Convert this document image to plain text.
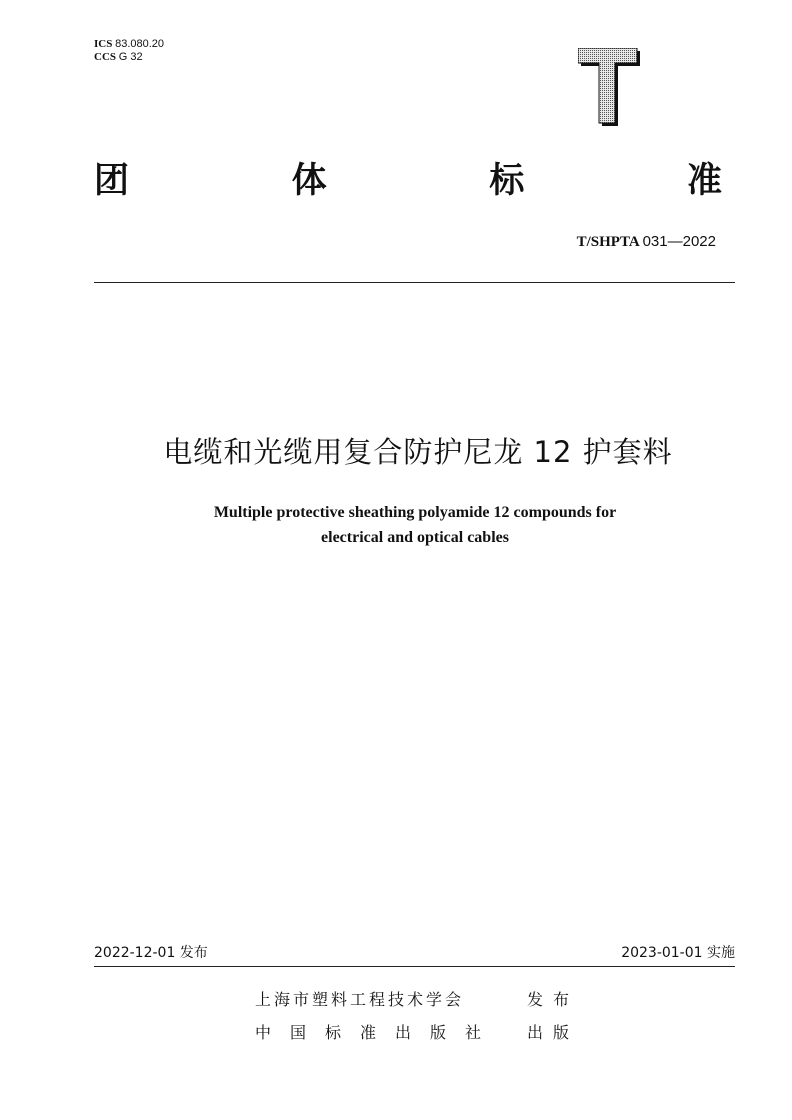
ICS 83.080.20
CCS G 32
团	体	标	准
T/SHPTA 031—2022
电缆和光缆用复合防护尼龙 12 护套料
Multiple protective sheathing polyamide 12 compounds for
electrical and optical cables
2022-12-01 发布	2023-01-01 实施
上海市塑料工程技术学会	发布
中国标准出版社 出版
